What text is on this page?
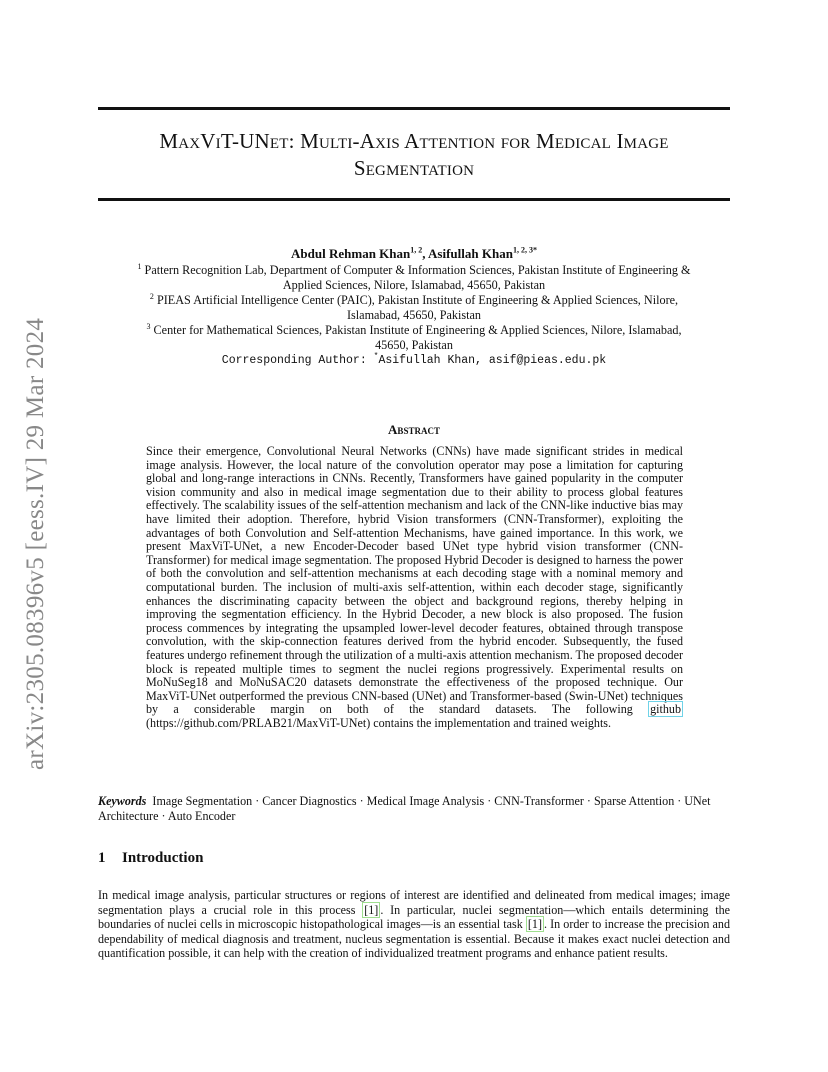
arXiv:2305.08396v5 [eess.IV] 29 Mar 2024
MaxViT-UNet: Multi-Axis Attention for Medical Image
Segmentation
Abdul Rehman Khan$^{1, 2}$, Asifullah Khan$^{1, 2, 3*}$
$^1$ Pattern Recognition Lab, Department of Computer & Information Sciences, Pakistan Institute of Engineering & Applied Sciences, Nilore, Islamabad, 45650, Pakistan
$^2$ PIEAS Artificial Intelligence Center (PAIC), Pakistan Institute of Engineering & Applied Sciences, Nilore, Islamabad, 45650, Pakistan
$^3$ Center for Mathematical Sciences, Pakistan Institute of Engineering & Applied Sciences, Nilore, Islamabad, 45650, Pakistan
Corresponding Author: *Asifullah Khan, asif@pieas.edu.pk
Abstract
Since their emergence, Convolutional Neural Networks (CNNs) have made significant strides in medical image analysis. However, the local nature of the convolution operator may pose a limitation for capturing global and long-range interactions in CNNs. Recently, Transformers have gained popularity in the computer vision community and also in medical image segmentation due to their ability to process global features effectively. The scalability issues of the self-attention mechanism and lack of the CNN-like inductive bias may have limited their adoption. Therefore, hybrid Vision transformers (CNN-Transformer), exploiting the advantages of both Convolution and Self-attention Mechanisms, have gained importance. In this work, we present MaxViT-UNet, a new Encoder-Decoder based UNet type hybrid vision transformer (CNN-Transformer) for medical image segmentation. The proposed Hybrid Decoder is designed to harness the power of both the convolution and self-attention mechanisms at each decoding stage with a nominal memory and computational burden. The inclusion of multi-axis self-attention, within each decoder stage, significantly enhances the discriminating capacity between the object and background regions, thereby helping in improving the segmentation efficiency. In the Hybrid Decoder, a new block is also proposed. The fusion process commences by integrating the upsampled lower-level decoder features, obtained through transpose convolution, with the skip-connection features derived from the hybrid encoder. Subsequently, the fused features undergo refinement through the utilization of a multi-axis attention mechanism. The proposed decoder block is repeated multiple times to segment the nuclei regions progressively. Experimental results on MoNuSeg18 and MoNuSAC20 datasets demonstrate the effectiveness of the proposed technique. Our MaxViT-UNet outperformed the previous CNN-based (UNet) and Transformer-based (Swin-UNet) techniques by a considerable margin on both of the standard datasets. The following github (https://github.com/PRLAB21/MaxViT-UNet) contains the implementation and trained weights.
Keywords Image Segmentation · Cancer Diagnostics · Medical Image Analysis · CNN-Transformer · Sparse Attention · UNet Architecture · Auto Encoder
1 Introduction
In medical image analysis, particular structures or regions of interest are identified and delineated from medical images; image segmentation plays a crucial role in this process [1] . In particular, nuclei segmentation—which entails determining the boundaries of nuclei cells in microscopic histopathological images—is an essential task [1] . In order to increase the precision and dependability of medical diagnosis and treatment, nucleus segmentation is essential. Because it makes exact nuclei detection and quantification possible, it can help with the creation of individualized treatment programs and enhance patient results.
